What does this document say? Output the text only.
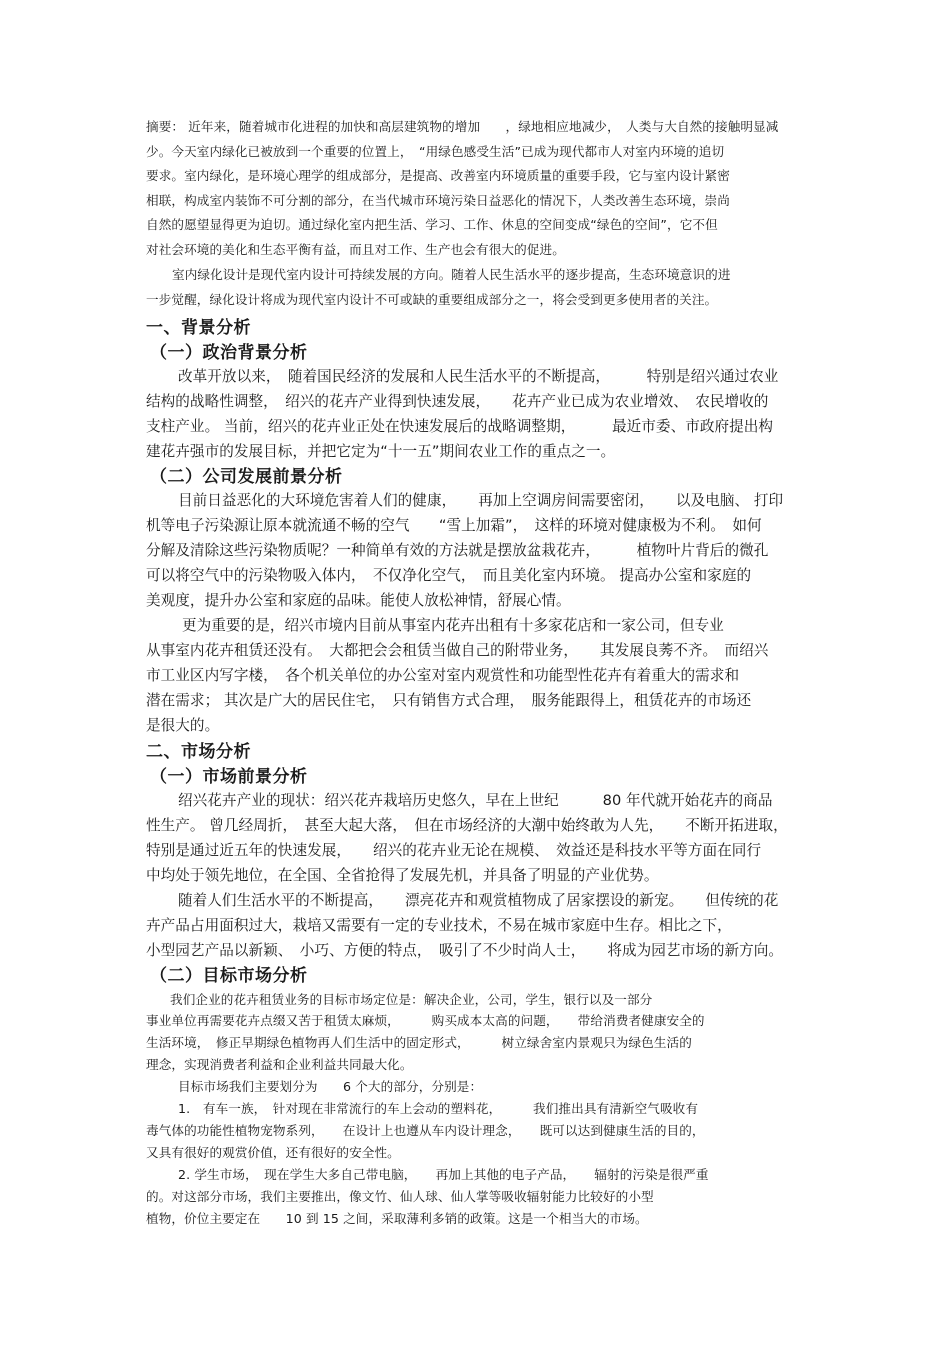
摘要： 近年来，随着城市化进程的加快和高层建筑物的增加　　，绿地相应地减少，　人类与大自然的接触明显减

少。今天室内绿化已被放到一个重要的位置上，　“用绿色感受生活”已成为现代都市人对室内环境的追切

要求。室内绿化，是环境心理学的组成部分，是提高、改善室内环境质量的重要手段，它与室内设计紧密

相联，构成室内装饰不可分割的部分，在当代城市环境污染日益恶化的情况下，人类改善生态环境，崇尚

自然的愿望显得更为迫切。通过绿化室内把生活、学习、工作、休息的空间变成“绿色的空间”，它不但

对社会环境的美化和生态平衡有益，而且对工作、生产也会有很大的促进。

室内绿化设计是现代室内设计可持续发展的方向。随着人民生活水平的逐步提高，生态环境意识的进

一步觉醒，绿化设计将成为现代室内设计不可或缺的重要组成部分之一，将会受到更多使用者的关注。

一、背景分析
（一）政治背景分析

改革开放以来，　随着国民经济的发展和人民生活水平的不断提高，　　　特别是绍兴通过农业

结构的战略性调整，　绍兴的花卉产业得到快速发展，　　花卉产业已成为农业增效、　农民增收的

支柱产业。 当前，绍兴的花卉业正处在快速发展后的战略调整期，　　　最近市委、市政府提出构

建花卉强市的发展目标，并把它定为“十一五”期间农业工作的重点之一。

（二）公司发展前景分析

目前日益恶化的大环境危害着人们的健康，　　再加上空调房间需要密闭，　　以及电脑、 打印

机等电子污染源让原本就流通不畅的空气　　“雪上加霜”，　这样的环境对健康极为不利。　如何

分解及清除这些污染物质呢？一种简单有效的方法就是摆放盆栽花卉，　　　植物叶片背后的微孔

可以将空气中的污染物吸入体内，　不仅净化空气，　而且美化室内环境。 提高办公室和家庭的

美观度，提升办公室和家庭的品味。能使人放松神情，舒展心情。

更为重要的是，绍兴市境内目前从事室内花卉出租有十多家花店和一家公司，但专业

从事室内花卉租赁还没有。　大都把会会租赁当做自己的附带业务，　　其发展良莠不齐。　而绍兴

市工业区内写字楼，　各个机关单位的办公室对室内观赏性和功能型性花卉有着重大的需求和

潜在需求； 其次是广大的居民住宅，　只有销售方式合理，　服务能跟得上，租赁花卉的市场还

是很大的。

二、市场分析
（一）市场前景分析

绍兴花卉产业的现状：绍兴花卉栽培历史悠久，早在上世纪　　　80 年代就开始花卉的商品

性生产。 曾几经周折，　甚至大起大落，　但在市场经济的大潮中始终敢为人先，　　不断开拓进取，

特别是通过近五年的快速发展，　　绍兴的花卉业无论在规模、　效益还是科技水平等方面在同行

中均处于领先地位，在全国、全省抢得了发展先机，并具备了明显的产业优势。

随着人们生活水平的不断提高，　　漂亮花卉和观赏植物成了居家摆设的新宠。　　但传统的花

卉产品占用面积过大，栽培又需要有一定的专业技术，不易在城市家庭中生存。相比之下，

小型园艺产品以新颖、　小巧、方便的特点，　吸引了不少时尚人士，　　将成为园艺市场的新方向。

（二）目标市场分析

我们企业的花卉租赁业务的目标市场定位是：解决企业，公司，学生，银行以及一部分

事业单位再需要花卉点缀又苦于租赁太麻烦，　　　购买成本太高的问题，　　带给消费者健康安全的

生活环境，　修正早期绿色植物再人们生活中的固定形式，　　　树立绿舍室内景观只为绿色生活的

理念，实现消费者利益和企业利益共同最大化。

目标市场我们主要划分为　　6 个大的部分，分别是：

1.　有车一族，　针对现在非常流行的车上会动的塑料花，　　　我们推出具有清新空气吸收有

毒气体的功能性植物宠物系列，　　在设计上也遵从车内设计理念，　　既可以达到健康生活的目的，

又具有很好的观赏价值，还有很好的安全性。

2. 学生市场，　现在学生大多自己带电脑，　　再加上其他的电子产品，　　辐射的污染是很严重

的。对这部分市场，我们主要推出，像文竹、仙人球、仙人掌等吸收辐射能力比较好的小型

植物，价位主要定在　　10 到 15 之间，采取薄利多销的政策。这是一个相当大的市场。
